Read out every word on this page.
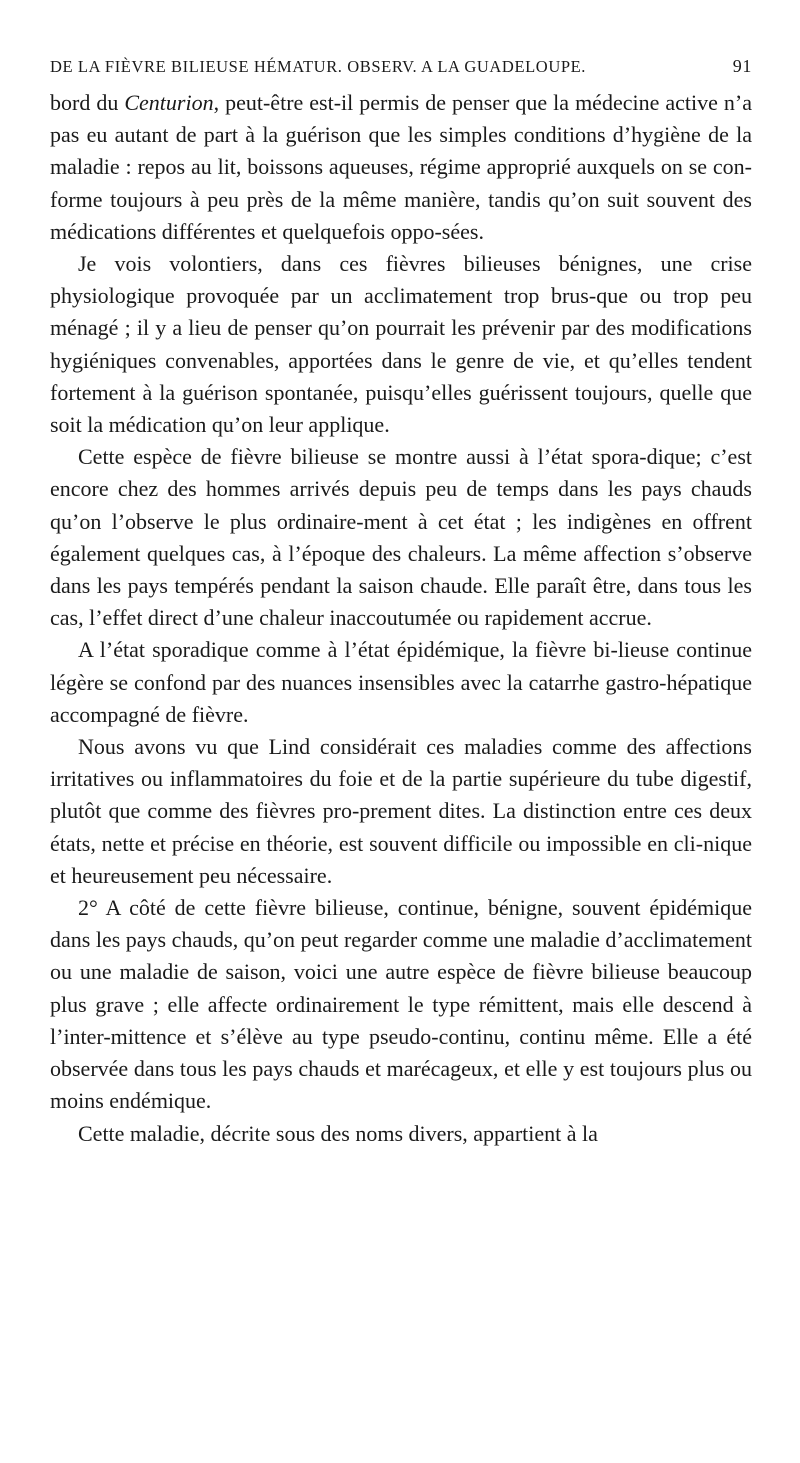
DE LA FIÈVRE BILIEUSE HÉMATUR. OBSERV. A LA GUADELOUPE.	91

bord du Centurion, peut-être est-il permis de penser que la médecine active n’a pas eu autant de part à la guérison que les simples conditions d’hygiène de la maladie : repos au lit, boissons aqueuses, régime approprié auxquels on se con-forme toujours à peu près de la même manière, tandis qu’on suit souvent des médications différentes et quelquefois oppo-sées.

Je vois volontiers, dans ces fièvres bilieuses bénignes, une crise physiologique provoquée par un acclimatement trop brus-que ou trop peu ménagé ; il y a lieu de penser qu’on pourrait les prévenir par des modifications hygiéniques convenables, apportées dans le genre de vie, et qu’elles tendent fortement à la guérison spontanée, puisqu’elles guérissent toujours, quelle que soit la médication qu’on leur applique.

Cette espèce de fièvre bilieuse se montre aussi à l’état spora-dique; c’est encore chez des hommes arrivés depuis peu de temps dans les pays chauds qu’on l’observe le plus ordinaire-ment à cet état ; les indigènes en offrent également quelques cas, à l’époque des chaleurs. La même affection s’observe dans les pays tempérés pendant la saison chaude. Elle paraît être, dans tous les cas, l’effet direct d’une chaleur inaccoutumée ou rapidement accrue.

A l’état sporadique comme à l’état épidémique, la fièvre bi-lieuse continue légère se confond par des nuances insensibles avec la catarrhe gastro-hépatique accompagné de fièvre.

Nous avons vu que Lind considérait ces maladies comme des affections irritatives ou inflammatoires du foie et de la partie supérieure du tube digestif, plutôt que comme des fièvres pro-prement dites. La distinction entre ces deux états, nette et précise en théorie, est souvent difficile ou impossible en cli-nique et heureusement peu nécessaire.

2° A côté de cette fièvre bilieuse, continue, bénigne, souvent épidémique dans les pays chauds, qu’on peut regarder comme une maladie d’acclimatement ou une maladie de saison, voici une autre espèce de fièvre bilieuse beaucoup plus grave ; elle affecte ordinairement le type rémittent, mais elle descend à l’inter-mittence et s’élève au type pseudo-continu, continu même. Elle a été observée dans tous les pays chauds et marécageux, et elle y est toujours plus ou moins endémique.

Cette maladie, décrite sous des noms divers, appartient à la
